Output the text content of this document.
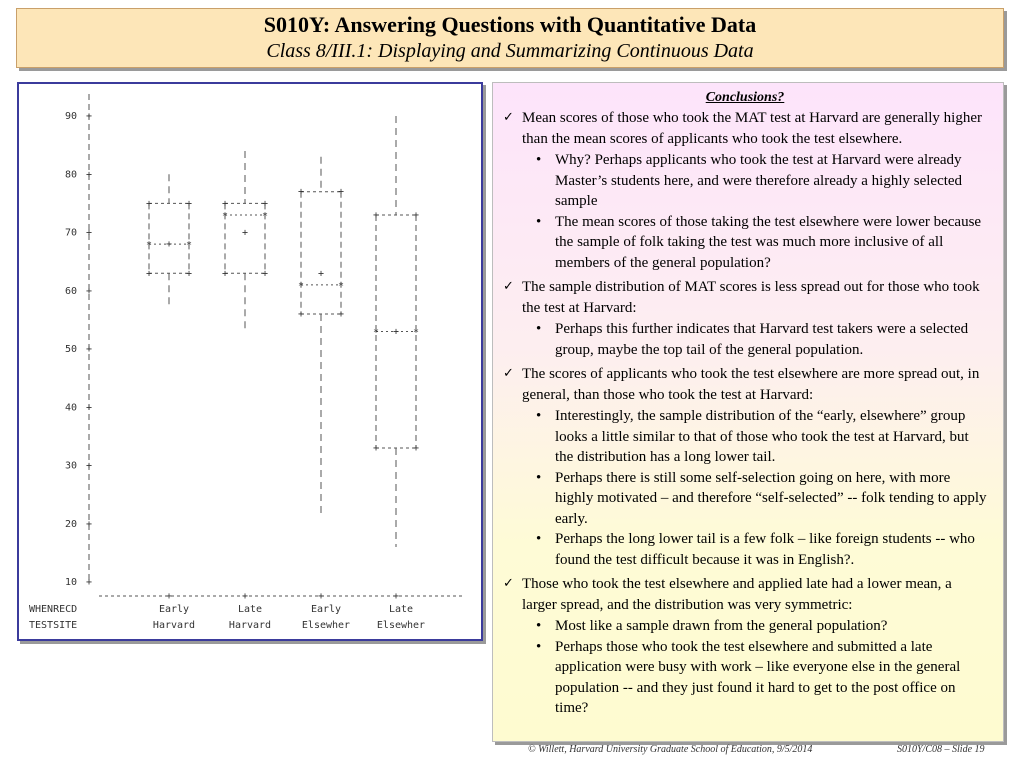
S010Y: Answering Questions with Quantitative Data
Class 8/III.1: Displaying and Summarizing Continuous Data
90 +
80 +
70 +
60 +
50 +
40 +
30 +
20 +
10 +
WHENRECD
TESTSITE
+
Early
Harvard
*	*
+	+
+	+
+
+
Late
Harvard
*	*
+	+
+	+
+
+
Early
Elsewher
*	*
+	+
+	+
+
+
Late
Elsewher
*	*
+	+
+	+
+
Conclusions?
✓ Mean scores of those who took the MAT test at Harvard are generally higher than the mean scores of applicants who took the test elsewhere.
• Why? Perhaps applicants who took the test at Harvard were already Master’s students here, and were therefore already a highly selected sample
• The mean scores of those taking the test elsewhere were lower because the sample of folk taking the test was much more inclusive of all members of the general population?
✓ The sample distribution of MAT scores is less spread out for those who took the test at Harvard:
• Perhaps this further indicates that Harvard test takers were a selected group, maybe the top tail of the general population.
✓ The scores of applicants who took the test elsewhere are more spread out, in general, than those who took the test at Harvard:
• Interestingly, the sample distribution of the “early, elsewhere” group looks a little similar to that of those who took the test at Harvard, but the distribution has a long lower tail.
• Perhaps there is still some self-selection going on here, with more highly motivated – and therefore “self-selected” -- folk tending to apply early.
• Perhaps the long lower tail is a few folk – like foreign students -- who found the test difficult because it was in English?.
✓ Those who took the test elsewhere and applied late had a lower mean, a larger spread, and the distribution was very symmetric:
• Most like a sample drawn from the general population?
• Perhaps those who took the test elsewhere and submitted a late application were busy with work – like everyone else in the general population -- and they just found it hard to get to the post office on time?
© Willett, Harvard University Graduate School of Education, 9/5/2014	S010Y/C08 – Slide 19
